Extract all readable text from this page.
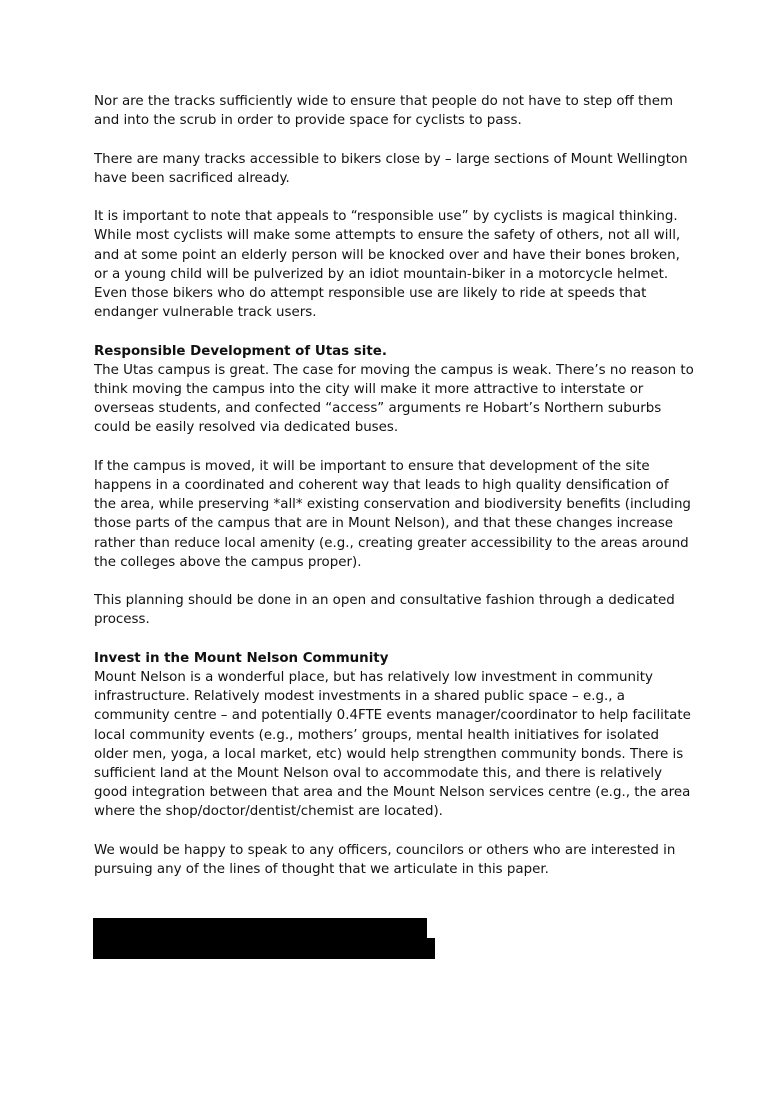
Nor are the tracks sufficiently wide to ensure that people do not have to step off them and into the scrub in order to provide space for cyclists to pass.

There are many tracks accessible to bikers close by – large sections of Mount Wellington have been sacrificed already.

It is important to note that appeals to “responsible use” by cyclists is magical thinking. While most cyclists will make some attempts to ensure the safety of others, not all will, and at some point an elderly person will be knocked over and have their bones broken, or a young child will be pulverized by an idiot mountain-biker in a motorcycle helmet. Even those bikers who do attempt responsible use are likely to ride at speeds that endanger vulnerable track users.

Responsible Development of Utas site.

The Utas campus is great. The case for moving the campus is weak. There’s no reason to think moving the campus into the city will make it more attractive to interstate or overseas students, and confected “access” arguments re Hobart’s Northern suburbs could be easily resolved via dedicated buses.

If the campus is moved, it will be important to ensure that development of the site happens in a coordinated and coherent way that leads to high quality densification of the area, while preserving *all* existing conservation and biodiversity benefits (including those parts of the campus that are in Mount Nelson), and that these changes increase rather than reduce local amenity (e.g., creating greater accessibility to the areas around the colleges above the campus proper).

This planning should be done in an open and consultative fashion through a dedicated process.

Invest in the Mount Nelson Community

Mount Nelson is a wonderful place, but has relatively low investment in community infrastructure. Relatively modest investments in a shared public space – e.g., a community centre – and potentially 0.4FTE events manager/coordinator to help facilitate local community events (e.g., mothers’ groups, mental health initiatives for isolated older men, yoga, a local market, etc) would help strengthen community bonds. There is sufficient land at the Mount Nelson oval to accommodate this, and there is relatively good integration between that area and the Mount Nelson services centre (e.g., the area where the shop/doctor/dentist/chemist are located).

We would be happy to speak to any officers, councilors or others who are interested in pursuing any of the lines of thought that we articulate in this paper.
